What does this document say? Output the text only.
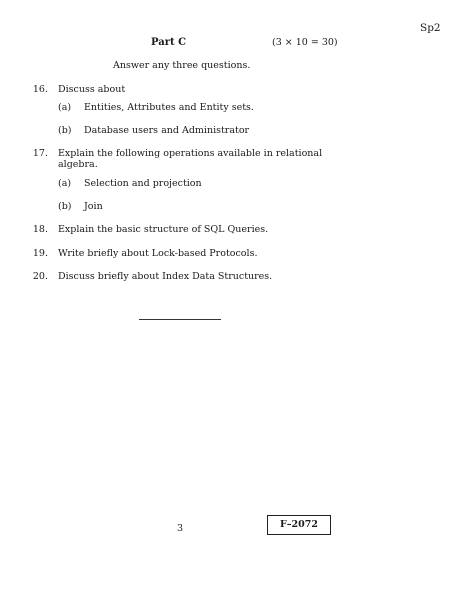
Sp2
Part C	(3 × 10 = 30)
Answer any three questions.
16. Discuss about
(a) Entities, Attributes and Entity sets.
(b) Database users and Administrator
17. Explain the following operations available in relational algebra.
(a) Selection and projection
(b) Join
18. Explain the basic structure of SQL Queries.
19. Write briefly about Lock-based Protocols.
20. Discuss briefly about Index Data Structures.
3	F–2072
